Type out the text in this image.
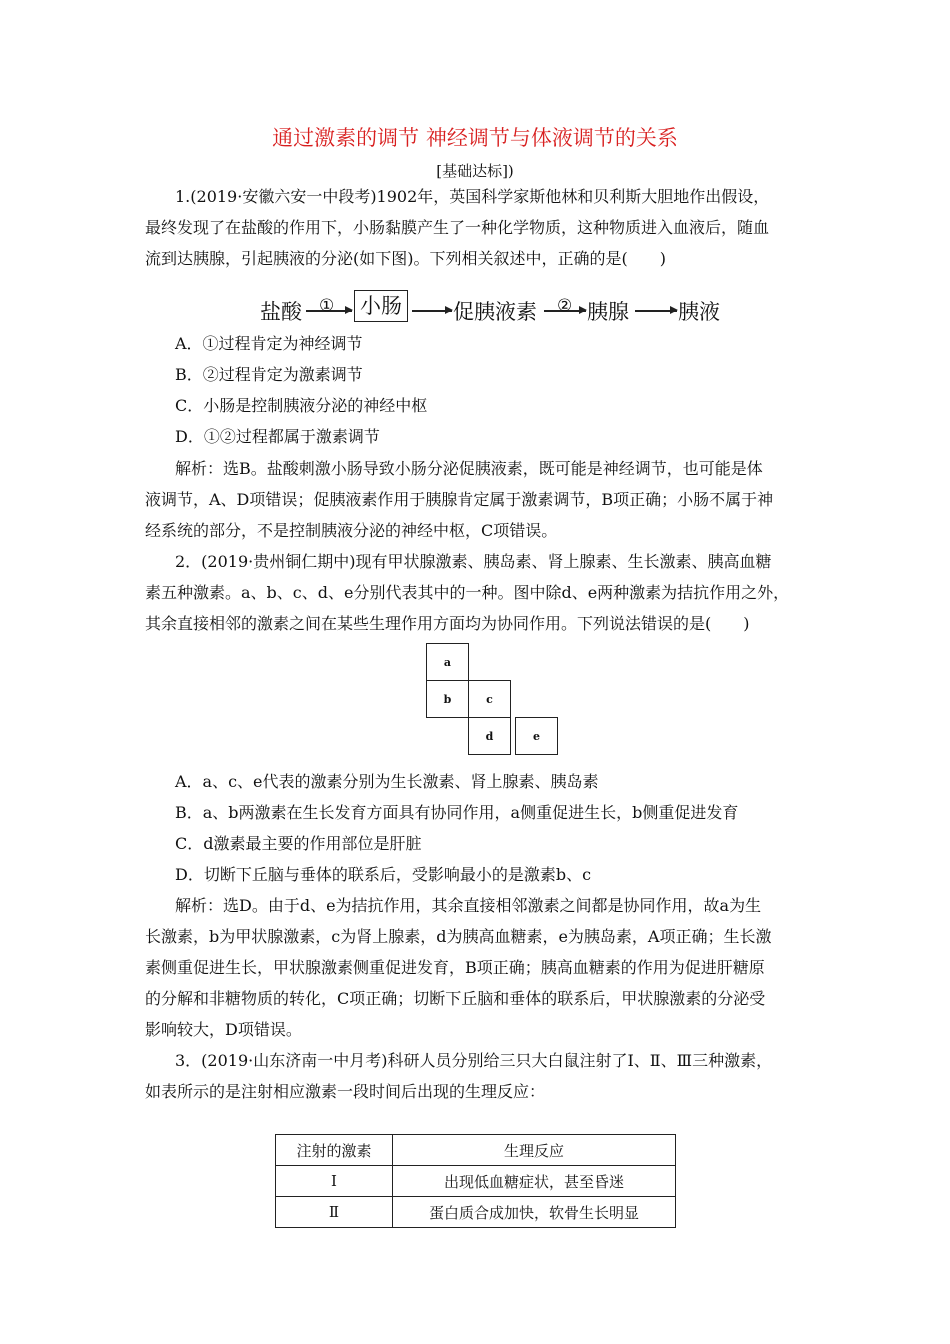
通过激素的调节 神经调节与体液调节的关系
[基础达标])
1.(2019·安徽六安一中段考)1902年，英国科学家斯他林和贝利斯大胆地作出假设，
最终发现了在盐酸的作用下，小肠黏膜产生了一种化学物质，这种物质进入血液后，随血
流到达胰腺，引起胰液的分泌(如下图)。下列相关叙述中，正确的是(　　)
盐酸 ① 小肠 促胰液素 ② 胰腺 胰液
A．①过程肯定为神经调节
B．②过程肯定为激素调节
C．小肠是控制胰液分泌的神经中枢
D．①②过程都属于激素调节
解析：选B。盐酸刺激小肠导致小肠分泌促胰液素，既可能是神经调节，也可能是体
液调节，A、D项错误；促胰液素作用于胰腺肯定属于激素调节，B项正确；小肠不属于神
经系统的部分，不是控制胰液分泌的神经中枢，C项错误。
2．(2019·贵州铜仁期中)现有甲状腺激素、胰岛素、肾上腺素、生长激素、胰高血糖
素五种激素。a、b、c、d、e分别代表其中的一种。图中除d、e两种激素为拮抗作用之外，
其余直接相邻的激素之间在某些生理作用方面均为协同作用。下列说法错误的是(　　)
a
b	c
d	e
A．a、c、e代表的激素分别为生长激素、肾上腺素、胰岛素
B．a、b两激素在生长发育方面具有协同作用，a侧重促进生长，b侧重促进发育
C．d激素最主要的作用部位是肝脏
D．切断下丘脑与垂体的联系后，受影响最小的是激素b、c
解析：选D。由于d、e为拮抗作用，其余直接相邻激素之间都是协同作用，故a为生
长激素，b为甲状腺激素，c为肾上腺素，d为胰高血糖素，e为胰岛素，A项正确；生长激
素侧重促进生长，甲状腺激素侧重促进发育，B项正确；胰高血糖素的作用为促进肝糖原
的分解和非糖物质的转化，C项正确；切断下丘脑和垂体的联系后，甲状腺激素的分泌受
影响较大，D项错误。
3．(2019·山东济南一中月考)科研人员分别给三只大白鼠注射了Ⅰ、Ⅱ、Ⅲ三种激素，
如表所示的是注射相应激素一段时间后出现的生理反应：
注射的激素	生理反应
Ⅰ	出现低血糖症状，甚至昏迷
Ⅱ	蛋白质合成加快，软骨生长明显
